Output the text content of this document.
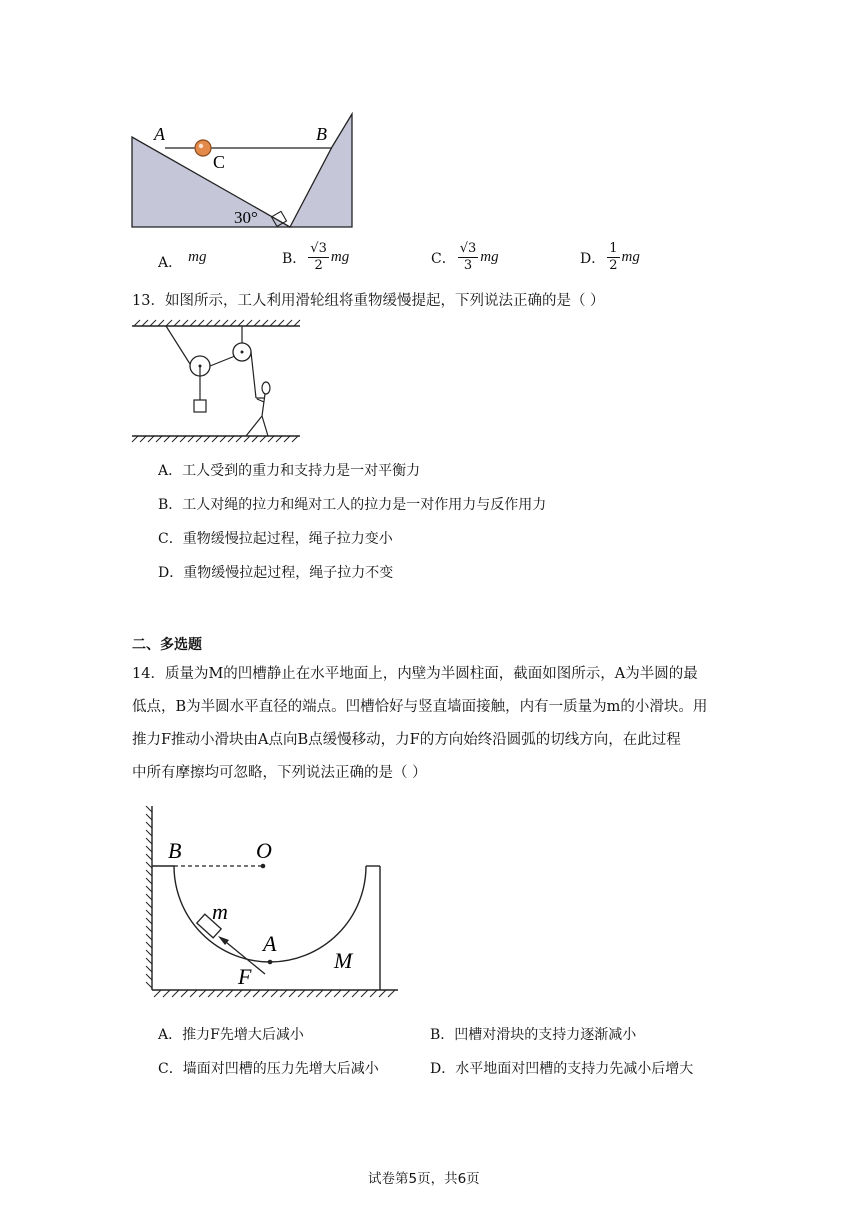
A	B
C
30°
A． mg	B． $\frac{√3}{2}$ mg	C． $\frac{√3}{3}$ mg	D． $\frac{1}{2}$ mg
13．如图所示，工人利用滑轮组将重物缓慢提起，下列说法正确的是（ ）
A．工人受到的重力和支持力是一对平衡力
B．工人对绳的拉力和绳对工人的拉力是一对作用力与反作用力
C．重物缓慢拉起过程，绳子拉力变小
D．重物缓慢拉起过程，绳子拉力不变
二、多选题
14．质量为M的凹槽静止在水平地面上，内壁为半圆柱面，截面如图所示，A为半圆的最
低点，B为半圆水平直径的端点。凹槽恰好与竖直墙面接触，内有一质量为m的小滑块。用
推力F推动小滑块由A点向B点缓慢移动，力F的方向始终沿圆弧的切线方向，在此过程
中所有摩擦均可忽略，下列说法正确的是（ ）
B	O
m
A
M
F
A．推力F先增大后减小	B．凹槽对滑块的支持力逐渐减小
C．墙面对凹槽的压力先增大后减小	D．水平地面对凹槽的支持力先减小后增大
试卷第5页，共6页
